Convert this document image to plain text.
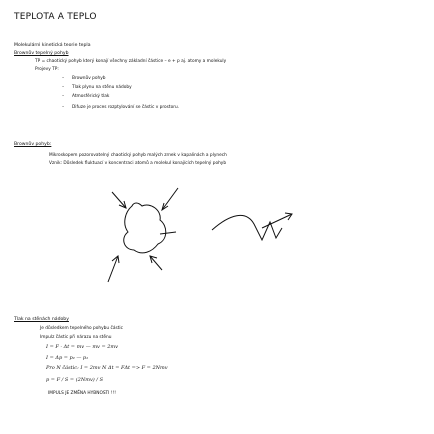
TEPLOTA A TEPLO
Molekulárnì kinetická teorie tepla
Brownův tepelný pohyb
TP = chaotický pohyb který konají všechny základní částice – e + p aj. atomy a molekuly
Projevy TP:
– Brownův pohyb
– Tlak plynu na stěnu nádoby
– Atmosférický tlak
– Difuze je proces rozptylování se částic v prostoru.
Brownův pohyb:
Mikroskopem pozorovatelný chaotický pohyb malých zrnek v kapalinách a plynech
Vznik: Důsledek fluktuací v koncentraci atomů a molekul konajících tepelný pohyb
Tlak na stěnách nádoby
Je důsledkem tepelného pohybu částic
Impulz částic při nárazu na stěnu
I = F · Δt = mv — mv = 2mv
I = Δp = p₂ — p₁
Pro N částic: I = 2mv N Δt = FΔt => F = 2Nmv
p = F / S = (2Nmv) / S
IMPULS JE ZMĚNA HYBNOSTI !!!
